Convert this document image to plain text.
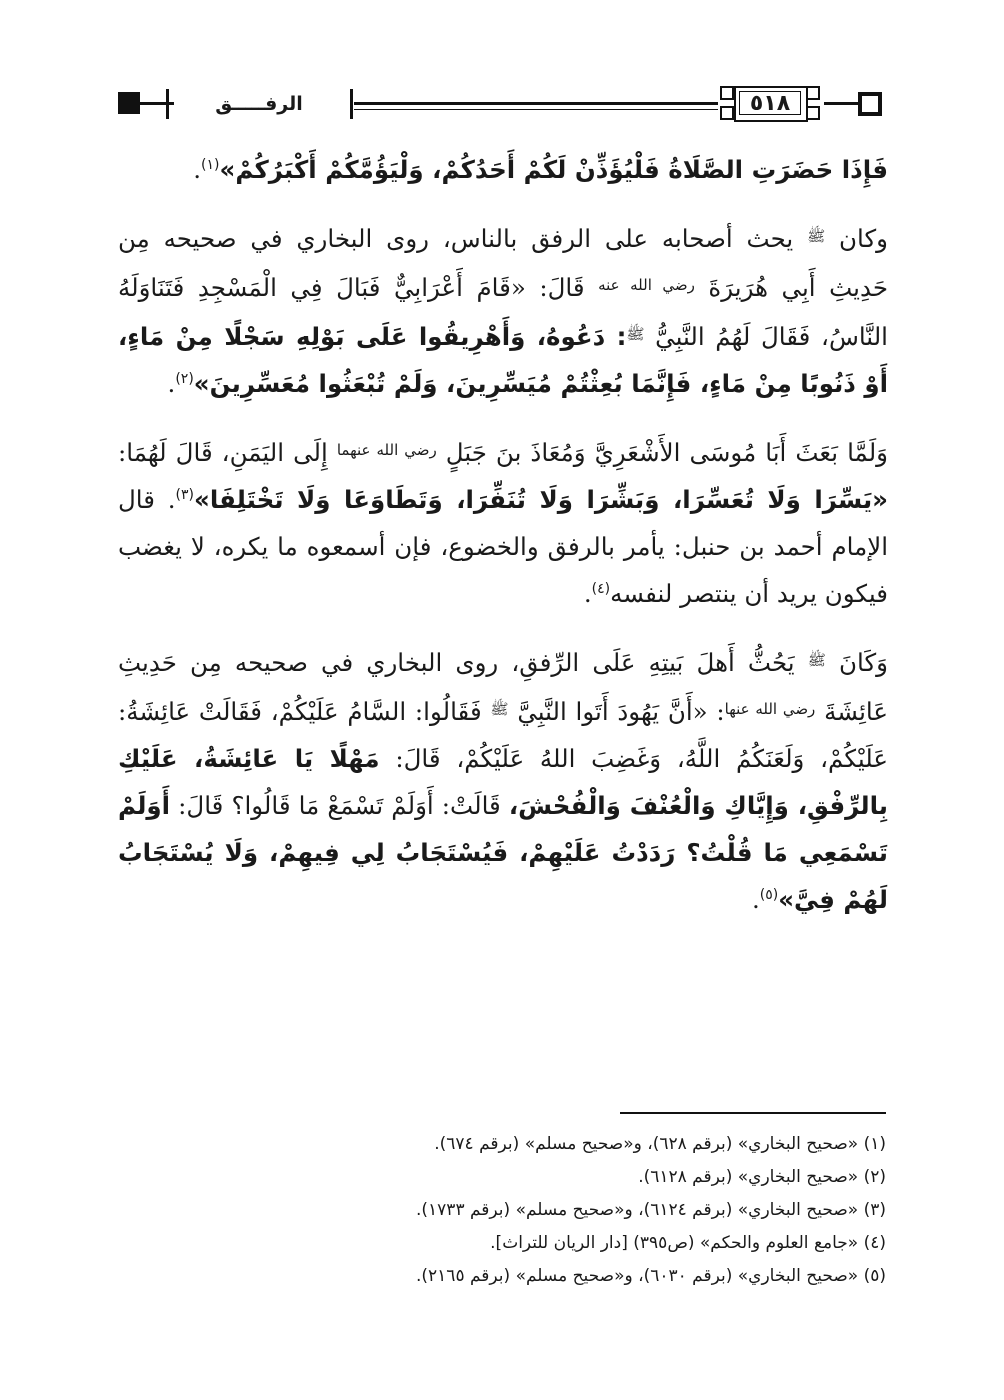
الرفـــــق	٥١٨

فَإِذَا حَضَرَتِ الصَّلَاةُ فَلْيُؤَذِّنْ لَكُمْ أَحَدُكُمْ، وَلْيَؤُمَّكُمْ أَكْبَرُكُمْ»$^{(١)}$.

وكان $^ﷺ$ يحث أصحابه على الرفق بالناس، روى البخاري في صحيحه مِن حَدِيثِ أَبِي هُرَيرَةَ $^{رضي الله عنه}$ قَالَ: «قَامَ أَعْرَابِيٌّ فَبَالَ فِي الْمَسْجِدِ فَتَنَاوَلَهُ النَّاسُ، فَقَالَ لَهُمُ النَّبِيُّ $^ﷺ$: دَعُوهُ، وَأَهْرِيقُوا عَلَى بَوْلِهِ سَجْلًا مِنْ مَاءٍ، أَوْ ذَنُوبًا مِنْ مَاءٍ، فَإِنَّمَا بُعِثْتُمْ مُيَسِّرِينَ، وَلَمْ تُبْعَثُوا مُعَسِّرِينَ»$^{(٢)}$.

وَلَمَّا بَعَثَ أَبَا مُوسَى الأَشْعَرِيَّ وَمُعَاذَ بنَ جَبَلٍ $^{رضي الله عنهما}$ إِلَى اليَمَنِ، قَالَ لَهُمَا: «يَسِّرَا وَلَا تُعَسِّرَا، وَبَشِّرَا وَلَا تُنَفِّرَا، وَتَطَاوَعَا وَلَا تَخْتَلِفَا»$^{(٣)}$. قال الإمام أحمد بن حنبل: يأمر بالرفق والخضوع، فإن أسمعوه ما يكره، لا يغضب فيكون يريد أن ينتصر لنفسه$^{(٤)}$.

وَكَانَ $^ﷺ$ يَحُثُّ أَهلَ بَيتِهِ عَلَى الرِّفقِ، روى البخاري في صحيحه مِن حَدِيثِ عَائِشَةَ $^{رضي الله عنها}$: «أَنَّ يَهُودَ أَتَوا النَّبِيَّ $^ﷺ$ فَقَالُوا: السَّامُ عَلَيْكُمْ، فَقَالَتْ عَائِشَةُ: عَلَيْكُمْ، وَلَعَنَكُمُ اللَّهُ، وَغَضِبَ اللهُ عَلَيْكُمْ، قَالَ: مَهْلًا يَا عَائِشَةُ، عَلَيْكِ بِالرِّفْقِ، وَإِيَّاكِ وَالْعُنْفَ وَالْفُحْشَ، قَالَتْ: أَوَلَمْ تَسْمَعْ مَا قَالُوا؟ قَالَ: أَوَلَمْ تَسْمَعِي مَا قُلْتُ؟ رَدَدْتُ عَلَيْهِمْ، فَيُسْتَجَابُ لِي فِيهِمْ، وَلَا يُسْتَجَابُ لَهُمْ فِيَّ»$^{(٥)}$.

(١) «صحيح البخاري» (برقم ٦٢٨)، و«صحيح مسلم» (برقم ٦٧٤).
(٢) «صحيح البخاري» (برقم ٦١٢٨).
(٣) «صحيح البخاري» (برقم ٦١٢٤)، و«صحيح مسلم» (برقم ١٧٣٣).
(٤) «جامع العلوم والحكم» (ص٣٩٥) [دار الريان للتراث].
(٥) «صحيح البخاري» (برقم ٦٠٣٠)، و«صحيح مسلم» (برقم ٢١٦٥).
